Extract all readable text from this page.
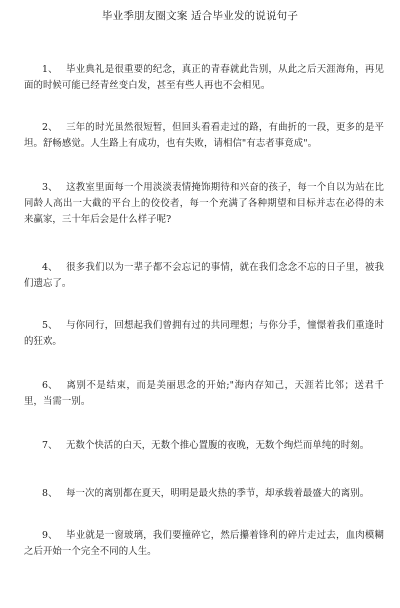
毕业季朋友圈文案 适合毕业发的说说句子
1、 毕业典礼是很重要的纪念，真正的青春就此告别，从此之后天涯海角，再见面的时候可能已经青丝变白发，甚至有些人再也不会相见。
2、 三年的时光虽然很短暂，但回头看看走过的路，有曲折的一段，更多的是平坦。舒畅感觉。人生路上有成功，也有失败，请相信"有志者事竟成"。
3、 这教室里面每一个用淡淡表情掩饰期待和兴奋的孩子，每一个自以为站在比同龄人高出一大截的平台上的佼佼者，每一个充满了各种期望和目标并志在必得的未来赢家，三十年后会是什么样子呢?
4、 很多我们以为一辈子都不会忘记的事情，就在我们念念不忘的日子里，被我们遗忘了。
5、 与你同行，回想起我们曾拥有过的共同理想；与你分手，憧憬着我们重逢时的狂欢。
6、 离别不是结束，而是美丽思念的开始;"海内存知己，天涯若比邻；送君千里，当需一别。
7、 无数个快活的白天，无数个推心置腹的夜晚，无数个绚烂而单纯的时刻。
8、 每一次的离别都在夏天，明明是最火热的季节，却承载着最盛大的离别。
9、 毕业就是一窗玻璃，我们要撞碎它，然后攥着锋利的碎片走过去，血肉模糊之后开始一个完全不同的人生。
